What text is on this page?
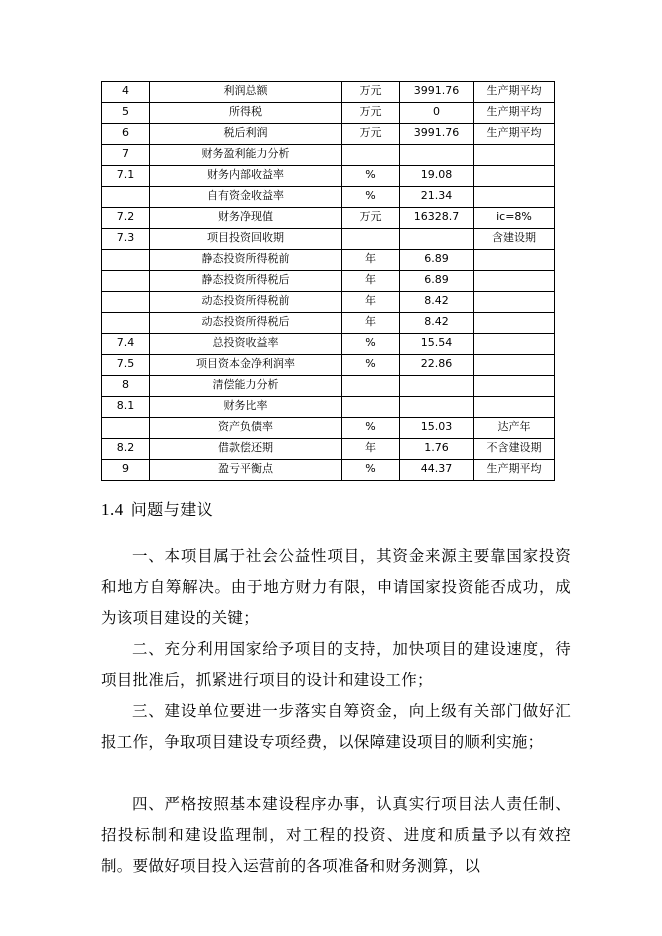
4	利润总额	万元	3991.76	生产期平均
5	所得税	万元	0	生产期平均
6	税后利润	万元	3991.76	生产期平均
7	财务盈利能力分析			
7.1	财务内部收益率	%	19.08	
	自有资金收益率	%	21.34	
7.2	财务净现值	万元	16328.7	ic=8%
7.3	项目投资回收期			含建设期
	静态投资所得税前	年	6.89	
	静态投资所得税后	年	6.89	
	动态投资所得税前	年	8.42	
	动态投资所得税后	年	8.42	
7.4	总投资收益率	%	15.54	
7.5	项目资本金净利润率	%	22.86	
8	清偿能力分析			
8.1	财务比率			
	资产负债率	%	15.03	达产年
8.2	借款偿还期	年	1.76	不含建设期
9	盈亏平衡点	%	44.37	生产期平均
1.4 问题与建议

一、本项目属于社会公益性项目，其资金来源主要靠国家投资和地方自筹解决。由于地方财力有限，申请国家投资能否成功，成为该项目建设的关键；

二、充分利用国家给予项目的支持，加快项目的建设速度，待项目批准后，抓紧进行项目的设计和建设工作；

三、建设单位要进一步落实自筹资金，向上级有关部门做好汇报工作，争取项目建设专项经费，以保障建设项目的顺利实施；

四、严格按照基本建设程序办事，认真实行项目法人责任制、招投标制和建设监理制，对工程的投资、进度和质量予以有效控制。要做好项目投入运营前的各项准备和财务测算，以
